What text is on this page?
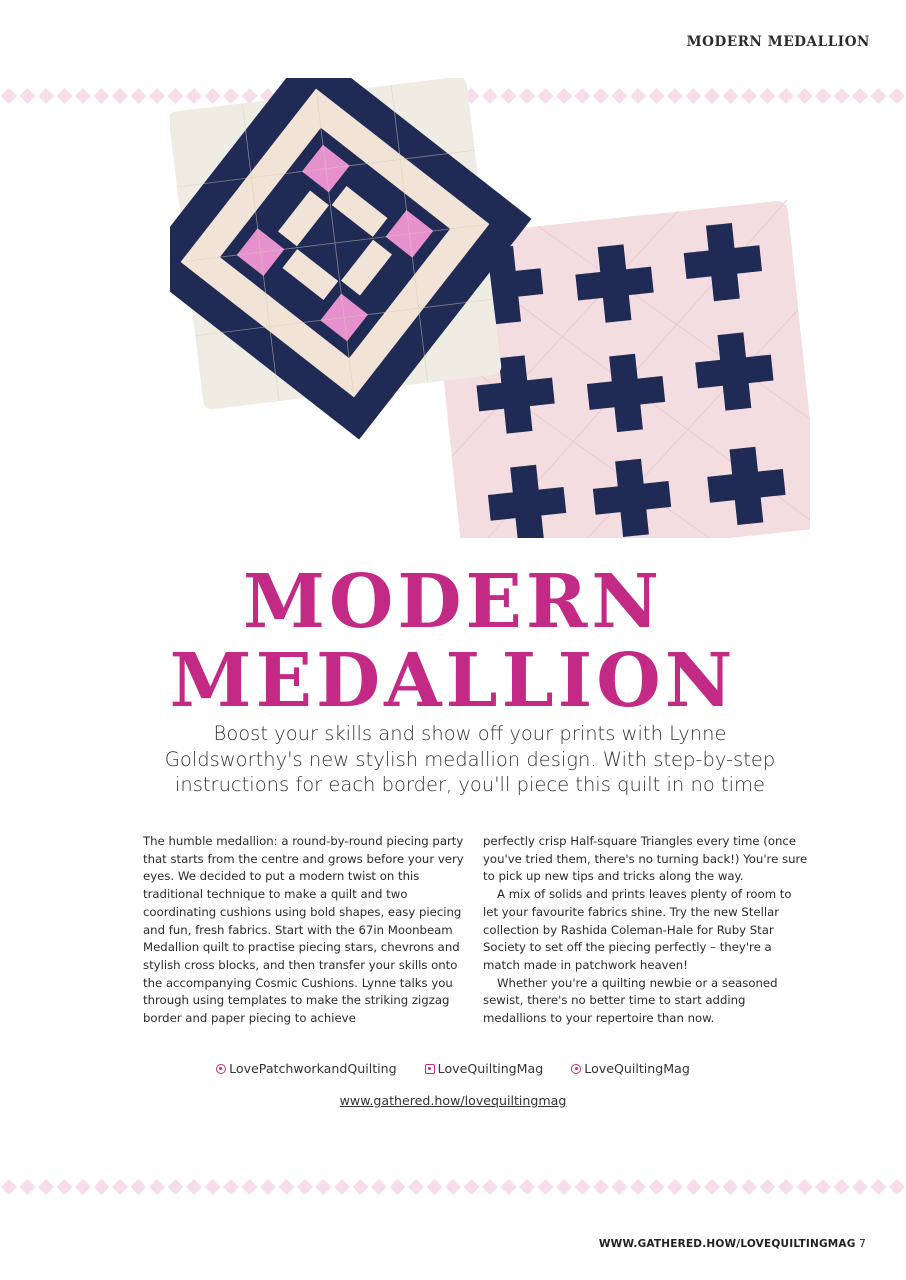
MODERN MEDALLION
MODERN
MEDALLION
Boost your skills and show off your prints with Lynne
Goldsworthy's new stylish medallion design. With step-by-step
instructions for each border, you'll piece this quilt in no time

The humble medallion: a round-by-round piecing party that starts from the centre and grows before your very eyes. We decided to put a modern twist on this traditional technique to make a quilt and two coordinating cushions using bold shapes, easy piecing and fun, fresh fabrics. Start with the 67in Moonbeam Medallion quilt to practise piecing stars, chevrons and stylish cross blocks, and then transfer your skills onto the accompanying Cosmic Cushions. Lynne talks you through using templates to make the striking zigzag border and paper piecing to achieve

perfectly crisp Half-square Triangles every time (once you've tried them, there's no turning back!) You're sure to pick up new tips and tricks along the way.

A mix of solids and prints leaves plenty of room to let your favourite fabrics shine. Try the new Stellar collection by Rashida Coleman-Hale for Ruby Star Society to set off the piecing perfectly – they're a match made in patchwork heaven!

Whether you're a quilting newbie or a seasoned sewist, there's no better time to start adding medallions to your repertoire than now.

LovePatchworkandQuilting
	LoveQuiltingMag
	LoveQuiltingMag
www.gathered.how/lovequiltingmag
WWW.GATHERED.HOW/LOVEQUILTINGMAG 7
